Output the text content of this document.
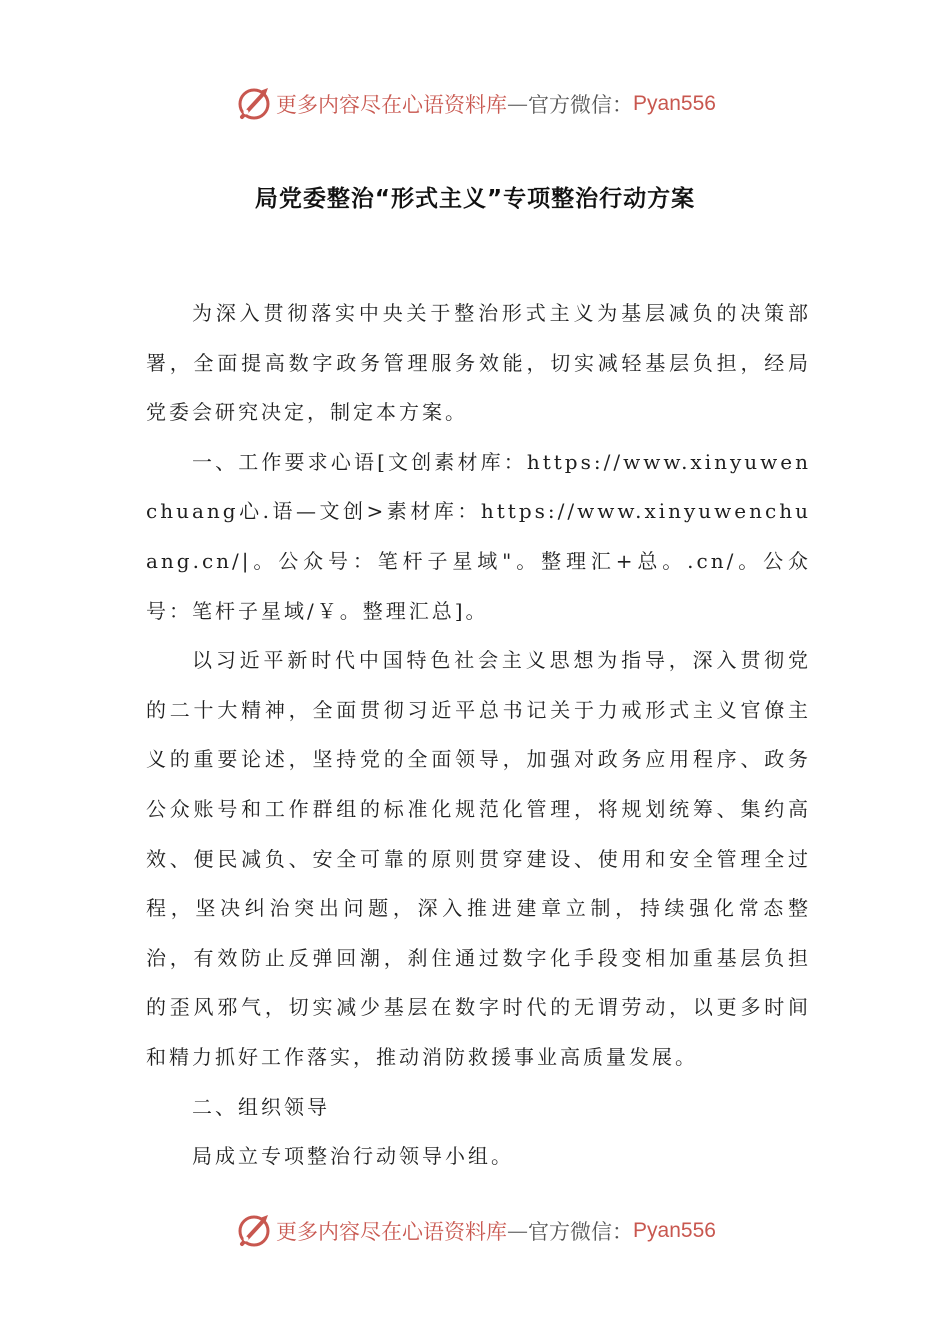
更多内容尽在心语资料库 — 官方微信： Pyan556
局党委整治“形式主义”专项整治行动方案

为深入贯彻落实中央关于整治形式主义为基层减负的决策部署，全面提高数字政务管理服务效能，切实减轻基层负担，经局党委会研究决定，制定本方案。

一、工作要求心语[文创素材库：https://www.xinyuwenchuang心.语—文创>素材库：https://www.xinyuwenchuang.cn/|。公众号：笔杆子星域"。整理汇+总。.cn/。公众号：笔杆子星域/￥。整理汇总]。

以习近平新时代中国特色社会主义思想为指导，深入贯彻党的二十大精神，全面贯彻习近平总书记关于力戒形式主义官僚主义的重要论述，坚持党的全面领导，加强对政务应用程序、政务公众账号和工作群组的标准化规范化管理，将规划统筹、集约高效、便民减负、安全可靠的原则贯穿建设、使用和安全管理全过程，坚决纠治突出问题，深入推进建章立制，持续强化常态整治，有效防止反弹回潮，刹住通过数字化手段变相加重基层负担的歪风邪气，切实减少基层在数字时代的无谓劳动，以更多时间和精力抓好工作落实，推动消防救援事业高质量发展。

二、组织领导

局成立专项整治行动领导小组。

更多内容尽在心语资料库 — 官方微信： Pyan556
